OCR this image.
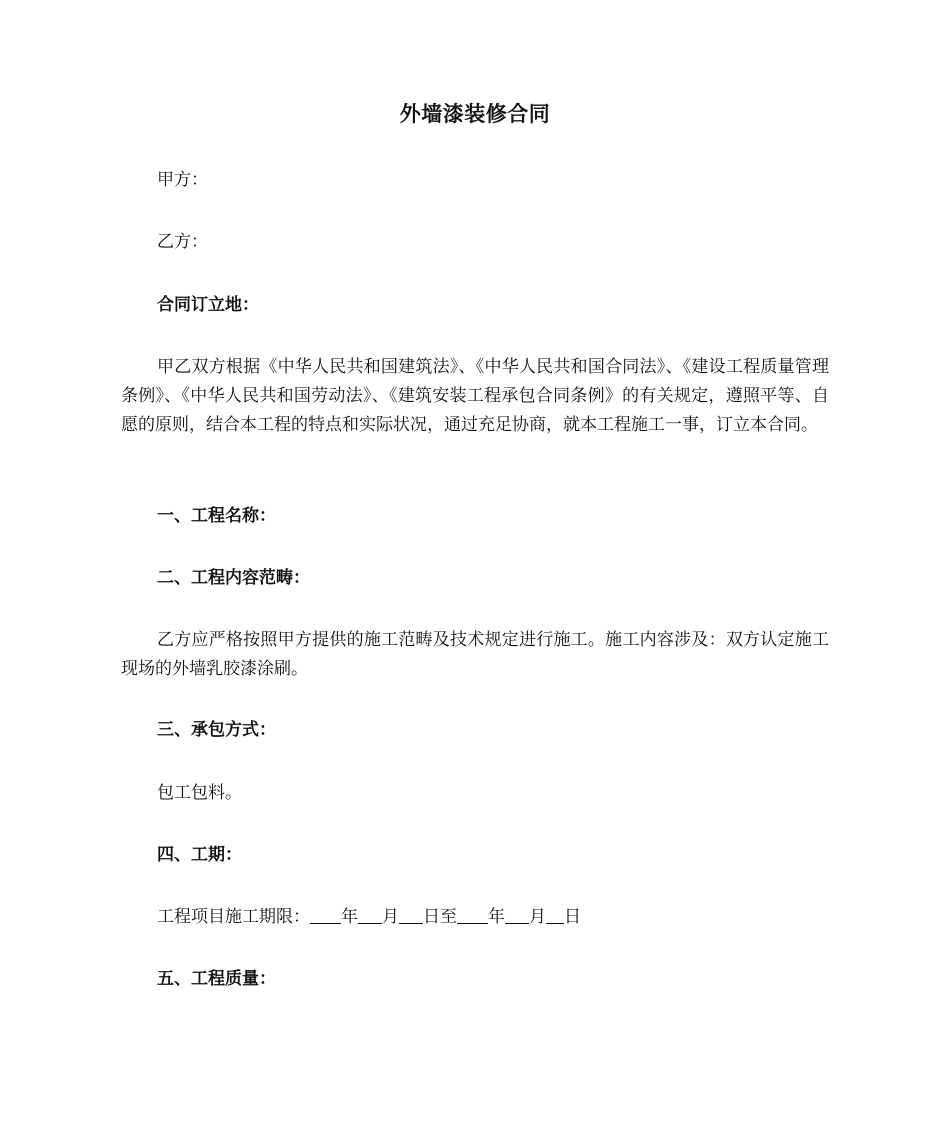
外墙漆装修合同
甲方：
乙方：
合同订立地：
甲乙双方根据《中华人民共和国建筑法》、《中华人民共和国合同法》、《建设工程质量管理条例》、《中华人民共和国劳动法》、《建筑安装工程承包合同条例》的有关规定，遵照平等、自愿的原则，结合本工程的特点和实际状况，通过充足协商，就本工程施工一事，订立本合同。
一、工程名称：
二、工程内容范畴：
乙方应严格按照甲方提供的施工范畴及技术规定进行施工。施工内容涉及：双方认定施工现场的外墙乳胶漆涂刷。
三、承包方式：
包工包料。
四、工期：
工程项目施工期限： 年 月 日至 年 月 日
五、工程质量：
